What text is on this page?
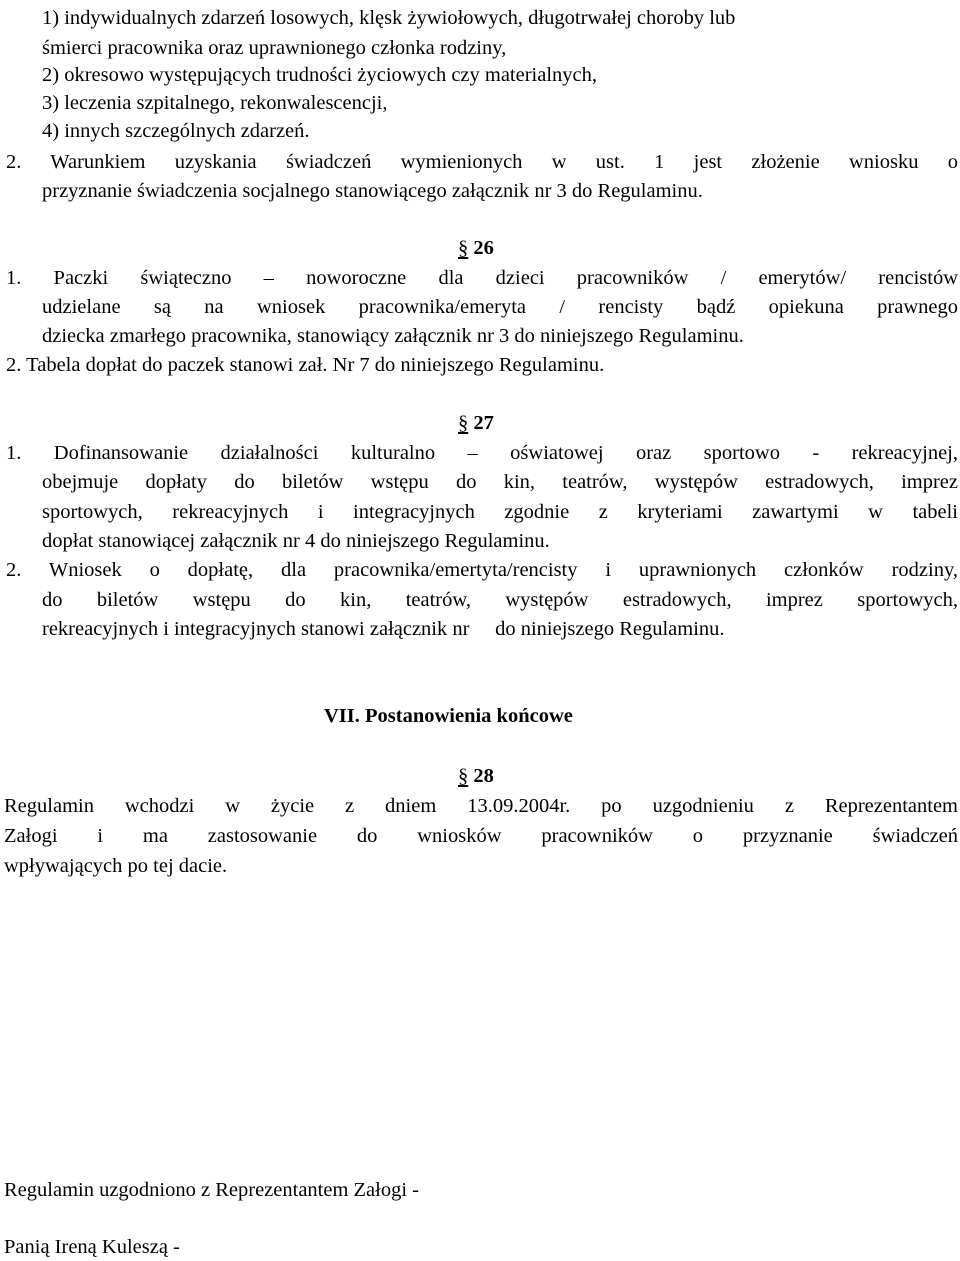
1) indywidualnych zdarzeń losowych, klęsk żywiołowych, długotrwałej choroby lub

śmierci pracownika oraz uprawnionego członka rodziny,

2) okresowo występujących trudności życiowych czy materialnych,

3) leczenia szpitalnego, rekonwalescencji,

4) innych szczególnych zdarzeń.

2. Warunkiem uzyskania świadczeń wymienionych w ust. 1 jest złożenie wniosku o

przyznanie świadczenia socjalnego stanowiącego załącznik nr 3 do Regulaminu.

§ 26

1. Paczki świąteczno – noworoczne dla dzieci pracowników / emerytów/ rencistów

udzielane są na wniosek pracownika/emeryta / rencisty bądź opiekuna prawnego

dziecka zmarłego pracownika, stanowiący załącznik nr 3 do niniejszego Regulaminu.

2. Tabela dopłat do paczek stanowi zał. Nr 7 do niniejszego Regulaminu.

§ 27

1. Dofinansowanie działalności kulturalno – oświatowej oraz sportowo - rekreacyjnej,

obejmuje dopłaty do biletów wstępu do kin, teatrów, występów estradowych, imprez

sportowych, rekreacyjnych i integracyjnych zgodnie z kryteriami zawartymi w tabeli

dopłat stanowiącej załącznik nr 4 do niniejszego Regulaminu.

2. Wniosek o dopłatę, dla pracownika/emertyta/rencisty i uprawnionych członków rodziny,

do biletów wstępu do kin, teatrów, występów estradowych, imprez sportowych,

rekreacyjnych i integracyjnych stanowi załącznik nr     do niniejszego Regulaminu.

VII. Postanowienia końcowe

§ 28

Regulamin wchodzi w życie z dniem 13.09.2004r. po uzgodnieniu z Reprezentantem

Załogi i ma zastosowanie do wniosków pracowników o przyznanie świadczeń

wpływających po tej dacie.

Regulamin uzgodniono z Reprezentantem Załogi -

Panią Ireną Kuleszą -
